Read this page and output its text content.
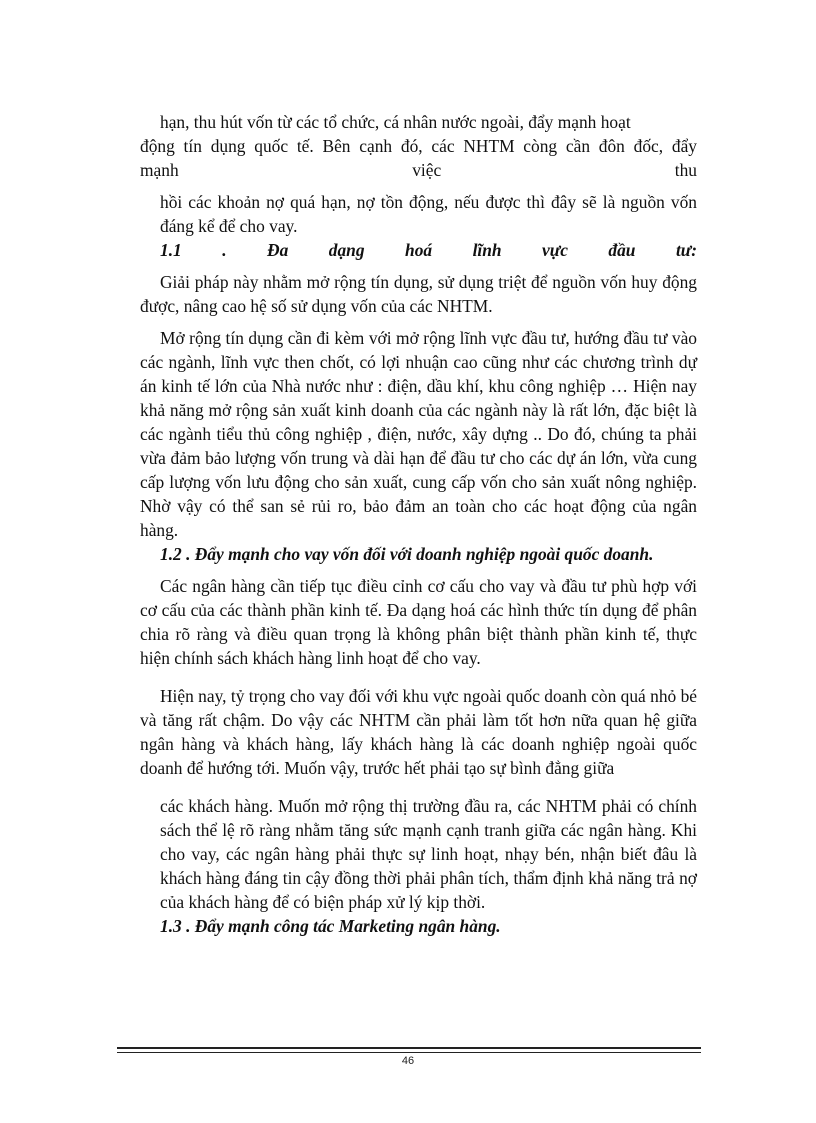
hạn, thu hút vốn từ các tổ chức, cá nhân nước ngoài, đẩy mạnh hoạt

động tín dụng quốc tế. Bên cạnh đó, các NHTM còng cần đôn đốc, đẩy

mạnh việc thu

hồi các khoản nợ quá hạn, nợ tồn động, nếu được thì đây sẽ là nguồn vốn đáng kể để cho vay.

1.1 . Đa dạng hoá lĩnh vực đầu tư:

Giải pháp này nhằm mở rộng tín dụng, sử dụng triệt để nguồn vốn huy động được, nâng cao hệ số sử dụng vốn của các NHTM.

Mở rộng tín dụng cần đi kèm với mở rộng lĩnh vực đầu tư, hướng đầu tư vào các ngành, lĩnh vực then chốt, có lợi nhuận cao cũng như các chương trình dự án kinh tế lớn của Nhà nước như : điện, dầu khí, khu công nghiệp … Hiện nay khả năng mở rộng sản xuất kinh doanh của các ngành này là rất lớn, đặc biệt là các ngành tiểu thủ công nghiệp , điện, nước, xây dựng .. Do đó, chúng ta phải vừa đảm bảo lượng vốn trung và dài hạn để đầu tư cho các dự án lớn, vừa cung cấp lượng vốn lưu động cho sản xuất, cung cấp vốn cho sản xuất nông nghiệp. Nhờ vậy có thể san sẻ rủi ro, bảo đảm an toàn cho các hoạt động của ngân hàng.

1.2 . Đẩy mạnh cho vay vốn đối với doanh nghiệp ngoài quốc doanh.

Các ngân hàng cần tiếp tục điều cỉnh cơ cấu cho vay và đầu tư phù hợp với cơ cấu của các thành phần kinh tế. Đa dạng hoá các hình thức tín dụng để phân chia rõ ràng và điều quan trọng là không phân biệt thành phần kinh tế, thực hiện chính sách khách hàng linh hoạt để cho vay.

Hiện nay, tỷ trọng cho vay đối với khu vực ngoài quốc doanh còn quá nhỏ bé và tăng rất chậm. Do vậy các NHTM cần phải làm tốt hơn nữa quan hệ giữa ngân hàng và khách hàng, lấy khách hàng là các doanh nghiệp ngoài quốc doanh để hướng tới. Muốn vậy, trước hết phải tạo sự bình đẳng giữa

các khách hàng. Muốn mở rộng thị trường đầu ra, các NHTM phải có chính sách thể lệ rõ ràng nhằm tăng sức mạnh cạnh tranh giữa các ngân hàng. Khi cho vay, các ngân hàng phải thực sự linh hoạt, nhạy bén, nhận biết đâu là khách hàng đáng tin cậy đồng thời phải phân tích, thẩm định khả năng trả nợ của khách hàng để có biện pháp xử lý kịp thời.

1.3 . Đẩy mạnh công tác Marketing ngân hàng.

46
